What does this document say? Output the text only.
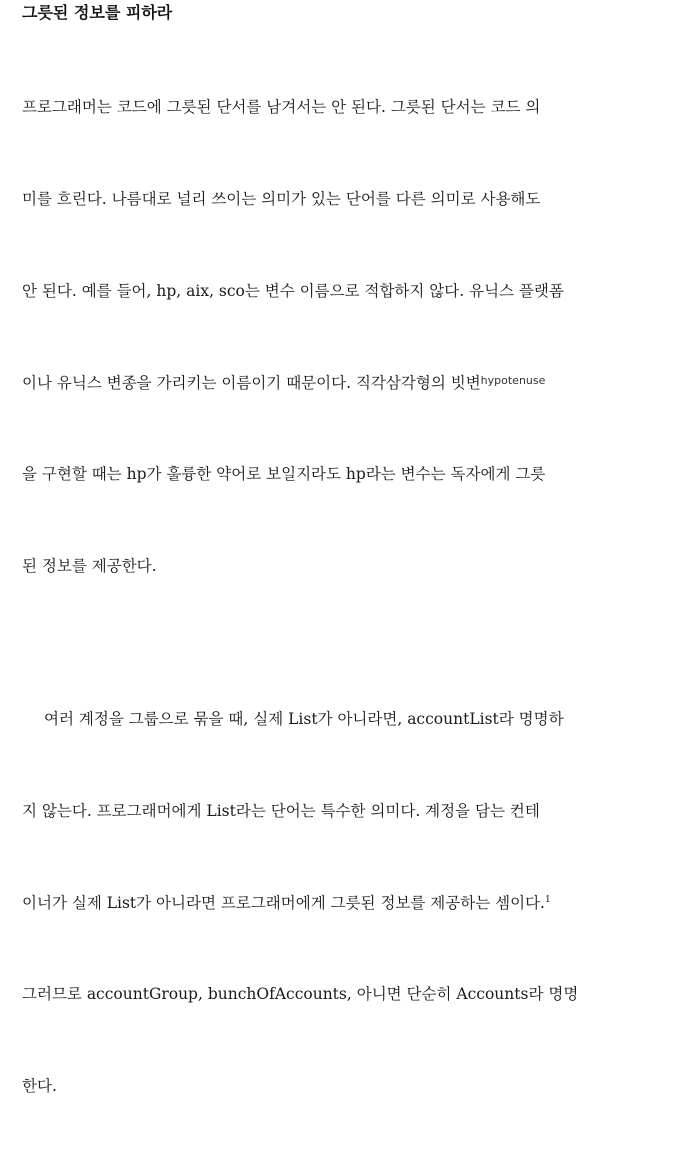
그릇된 정보를 피하라

프로그래머는 코드에 그릇된 단서를 남겨서는 안 된다. 그릇된 단서는 코드 의

미를 흐린다. 나름대로 널리 쓰이는 의미가 있는 단어를 다른 의미로 사용해도

안 된다. 예를 들어, hp, aix, sco는 변수 이름으로 적합하지 않다. 유닉스 플랫폼

이나 유닉스 변종을 가리키는 이름이기 때문이다. 직각삼각형의 빗변$^{hypotenuse}$

을 구현할 때는 hp가 훌륭한 약어로 보일지라도 hp라는 변수는 독자에게 그릇

된 정보를 제공한다.

여러 계정을 그룹으로 묶을 때, 실제 List가 아니라면, accountList라 명명하

지 않는다. 프로그래머에게 List라는 단어는 특수한 의미다. 계정을 담는 컨테

이너가 실제 List가 아니라면 프로그래머에게 그릇된 정보를 제공하는 셈이다.$^1$

그러므로 accountGroup, bunchOfAccounts, 아니면 단순히 Accounts라 명명

한다.
